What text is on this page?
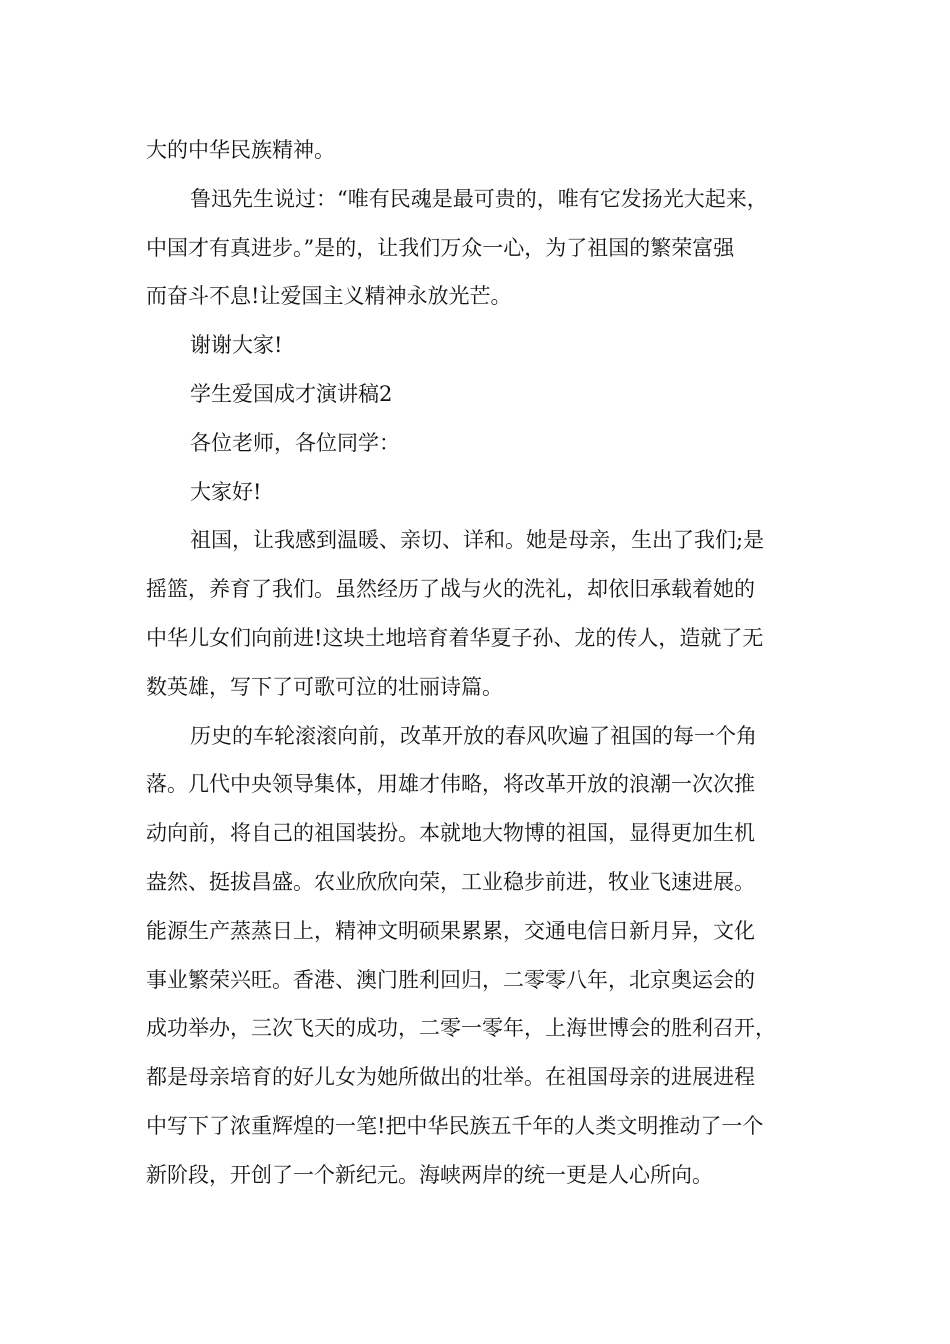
大的中华民族精神。
鲁迅先生说过：“唯有民魂是最可贵的，唯有它发扬光大起来，
中国才有真进步。”是的，让我们万众一心，为了祖国的繁荣富强
而奋斗不息!让爱国主义精神永放光芒。
谢谢大家!
学生爱国成才演讲稿2
各位老师，各位同学：
大家好!
祖国，让我感到温暖、亲切、详和。她是母亲，生出了我们;是
摇篮，养育了我们。虽然经历了战与火的洗礼，却依旧承载着她的
中华儿女们向前进!这块土地培育着华夏子孙、龙的传人，造就了无
数英雄，写下了可歌可泣的壮丽诗篇。
历史的车轮滚滚向前，改革开放的春风吹遍了祖国的每一个角
落。几代中央领导集体，用雄才伟略，将改革开放的浪潮一次次推
动向前，将自己的祖国装扮。本就地大物博的祖国，显得更加生机
盎然、挺拔昌盛。农业欣欣向荣，工业稳步前进，牧业飞速进展。
能源生产蒸蒸日上，精神文明硕果累累，交通电信日新月异，文化
事业繁荣兴旺。香港、澳门胜利回归，二零零八年，北京奥运会的
成功举办，三次飞天的成功，二零一零年，上海世博会的胜利召开，
都是母亲培育的好儿女为她所做出的壮举。在祖国母亲的进展进程
中写下了浓重辉煌的一笔!把中华民族五千年的人类文明推动了一个
新阶段，开创了一个新纪元。海峡两岸的统一更是人心所向。
